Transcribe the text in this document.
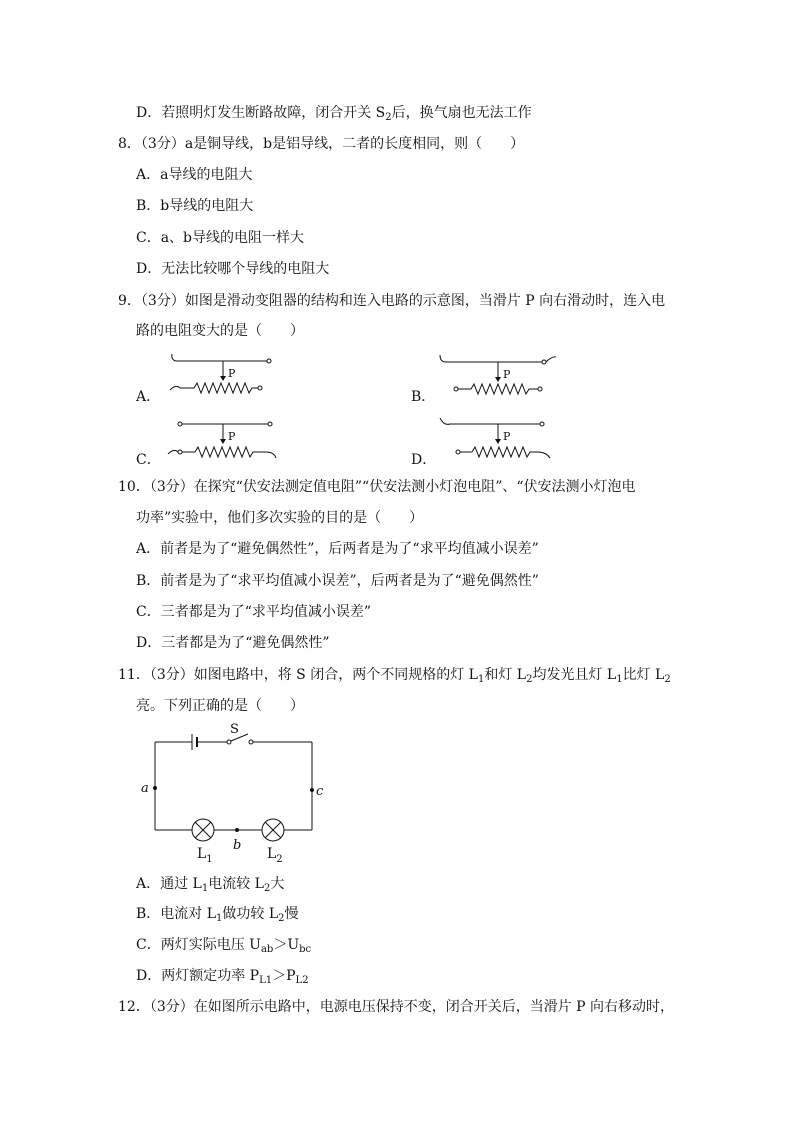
D．若照明灯发生断路故障，闭合开关 $S_2$后，换气扇也无法工作
8．（3分）a是铜导线，b是铝导线，二者的长度相同，则（　　）
A．a导线的电阻大
B．b导线的电阻大
C．a、b导线的电阻一样大
D．无法比较哪个导线的电阻大
9．（3分）如图是滑动变阻器的结构和连入电路的示意图，当滑片 P 向右滑动时，连入电
路的电阻变大的是（　　）
A．	B．
C．	D．
P	P
P	P
10．（3分）在探究“伏安法测定值电阻”“伏安法测小灯泡电阻”、“伏安法测小灯泡电
功率”实验中，他们多次实验的目的是（　　）
A．前者是为了“避免偶然性”，后两者是为了“求平均值减小误差”
B．前者是为了“求平均值减小误差”，后两者是为了“避免偶然性”
C．三者都是为了“求平均值减小误差”
D．三者都是为了“避免偶然性”
11．（3分）如图电路中，将 S 闭合，两个不同规格的灯 $L_1$和灯 $L_2$均发光且灯 $L_1$比灯 $L_2$
亮。下列正确的是（　　）
S
a	c
b
$L_1$	$L_2$
A．通过 $L_1$电流较 $L_2$大
B．电流对 $L_1$做功较 $L_2$慢
C．两灯实际电压 $U_{ab}>U_{bc}$
D．两灯额定功率 $P_{L1}>P_{L2}$
12．（3分）在如图所示电路中，电源电压保持不变，闭合开关后，当滑片 P 向右移动时，
